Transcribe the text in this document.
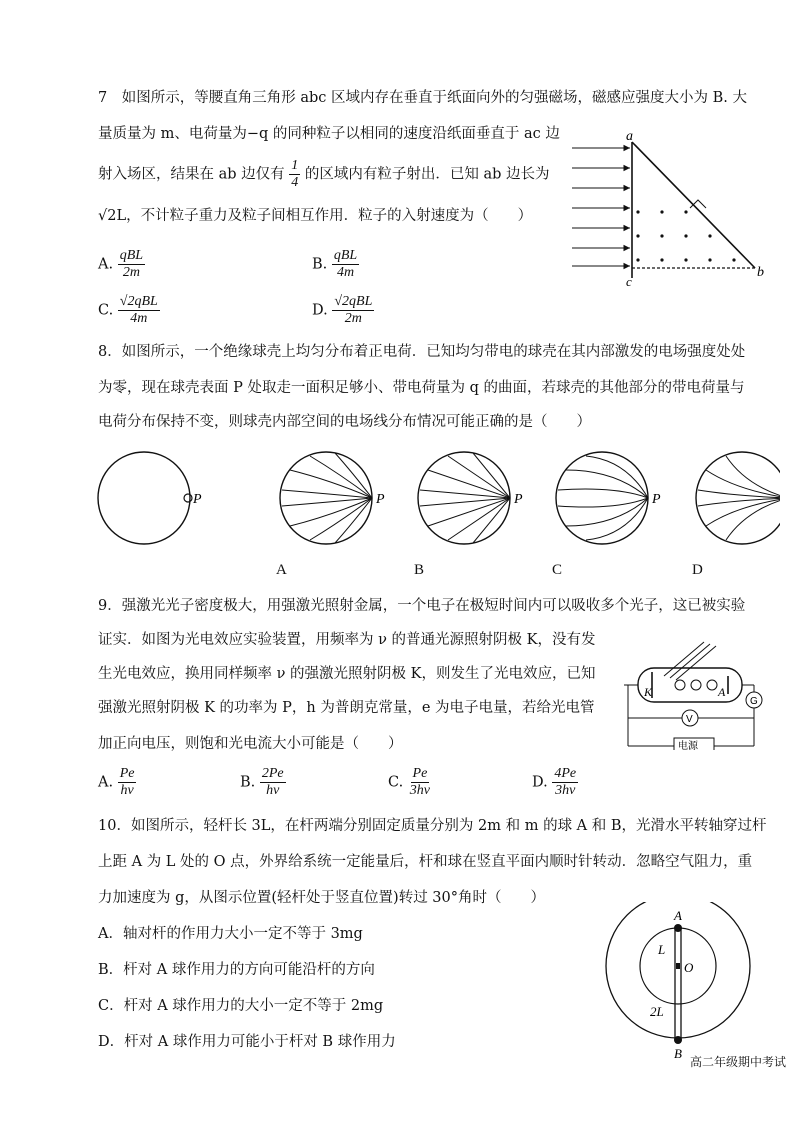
7　如图所示，等腰直角三角形 abc 区域内存在垂直于纸面向外的匀强磁场，磁感应强度大小为 B. 大
量质量为 m、电荷量为−q 的同种粒子以相同的速度沿纸面垂直于 ac 边
射入场区，结果在 ab 边仅有 $\frac{1}{4}$ 的区域内有粒子射出．已知 ab 边长为
√2L，不计粒子重力及粒子间相互作用．粒子的入射速度为（　　）
A. $\frac{\text{qBL}}{2m}$	B. $\frac{\text{qBL}}{4m}$
C. $\frac{\text{√2qBL}}{4m}$	D. $\frac{\text{√2qBL}}{2m}$
a
b
c
8．如图所示，一个绝缘球壳上均匀分布着正电荷．已知均匀带电的球壳在其内部激发的电场强度处处
为零，现在球壳表面 P 处取走一面积足够小、带电荷量为 q 的曲面，若球壳的其他部分的带电荷量与
电荷分布保持不变，则球壳内部空间的电场线分布情况可能正确的是（　　）
P	P	P	P
A	B	C	D
9．强激光光子密度极大，用强激光照射金属，一个电子在极短时间内可以吸收多个光子，这已被实验
证实．如图为光电效应实验装置，用频率为 ν 的普通光源照射阴极 K，没有发
生光电效应，换用同样频率 ν 的强激光照射阴极 K，则发生了光电效应，已知
强激光照射阴极 K 的功率为 P，h 为普朗克常量，e 为电子电量，若给光电管
加正向电压，则饱和光电流大小可能是（　　）
K	A
G
V
电源
A. $\frac{Pe}{h\nu}$	B. $\frac{2Pe}{h\nu}$	C. $\frac{Pe}{3h\nu}$	D. $\frac{4Pe}{3h\nu}$
10．如图所示，轻杆长 3L，在杆两端分别固定质量分别为 2m 和 m 的球 A 和 B，光滑水平转轴穿过杆
上距 A 为 L 处的 O 点，外界给系统一定能量后，杆和球在竖直平面内顺时针转动．忽略空气阻力，重
力加速度为 g，从图示位置(轻杆处于竖直位置)转过 30°角时（　　）
A．轴对杆的作用力大小一定不等于 3mg
B．杆对 A 球作用力的方向可能沿杆的方向
C．杆对 A 球作用力的大小一定不等于 2mg
D．杆对 A 球作用力可能小于杆对 B 球作用力
A
B
O
L
2L
高二年级期中考试
